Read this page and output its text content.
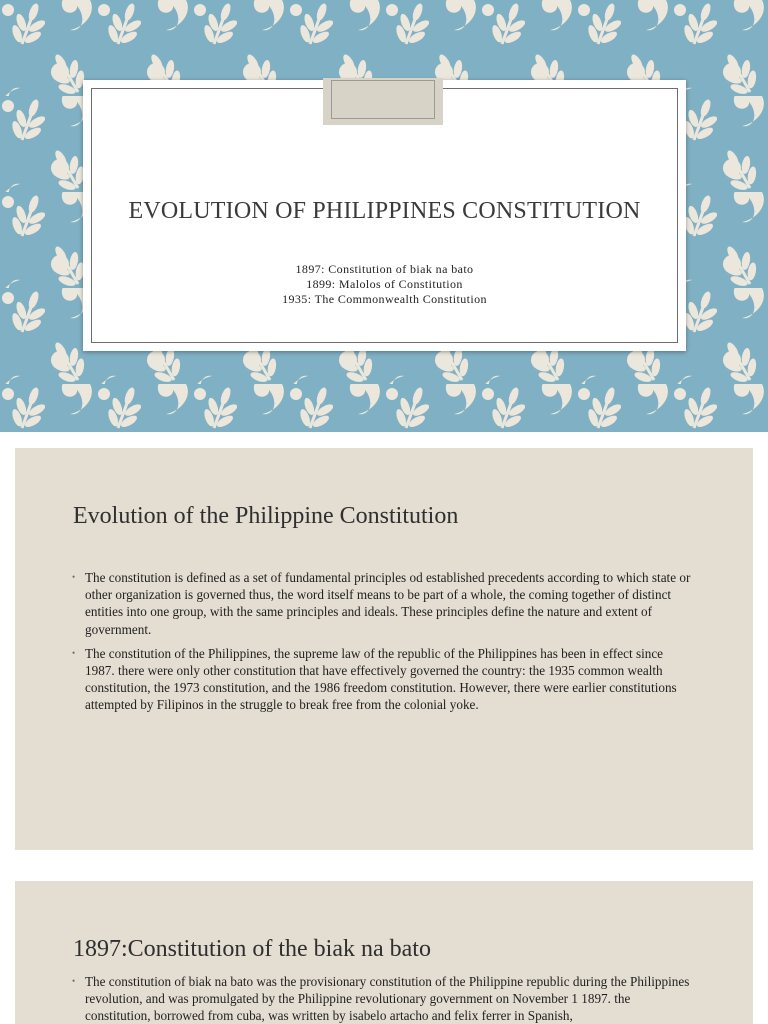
EVOLUTION OF PHILIPPINES CONSTITUTION
1897: Constitution of biak na bato
1899: Malolos of Constitution
1935: The Commonwealth Constitution
Evolution of the Philippine Constitution
• The constitution is defined as a set of fundamental principles od established precedents according to which state or other organization is governed thus, the word itself means to be part of a whole, the coming together of distinct entities into one group, with the same principles and ideals. These principles define the nature and extent of government.
• The constitution of the Philippines, the supreme law of the republic of the Philippines has been in effect since 1987. there were only other constitution that have effectively governed the country: the 1935 common wealth constitution, the 1973 constitution, and the 1986 freedom constitution. However, there were earlier constitutions attempted by Filipinos in the struggle to break free from the colonial yoke.
1897:Constitution of the biak na bato
• The constitution of biak na bato was the provisionary constitution of the Philippine republic during the Philippines revolution, and was promulgated by the Philippine revolutionary government on November 1 1897. the constitution, borrowed from cuba, was written by isabelo artacho and felix ferrer in Spanish,
